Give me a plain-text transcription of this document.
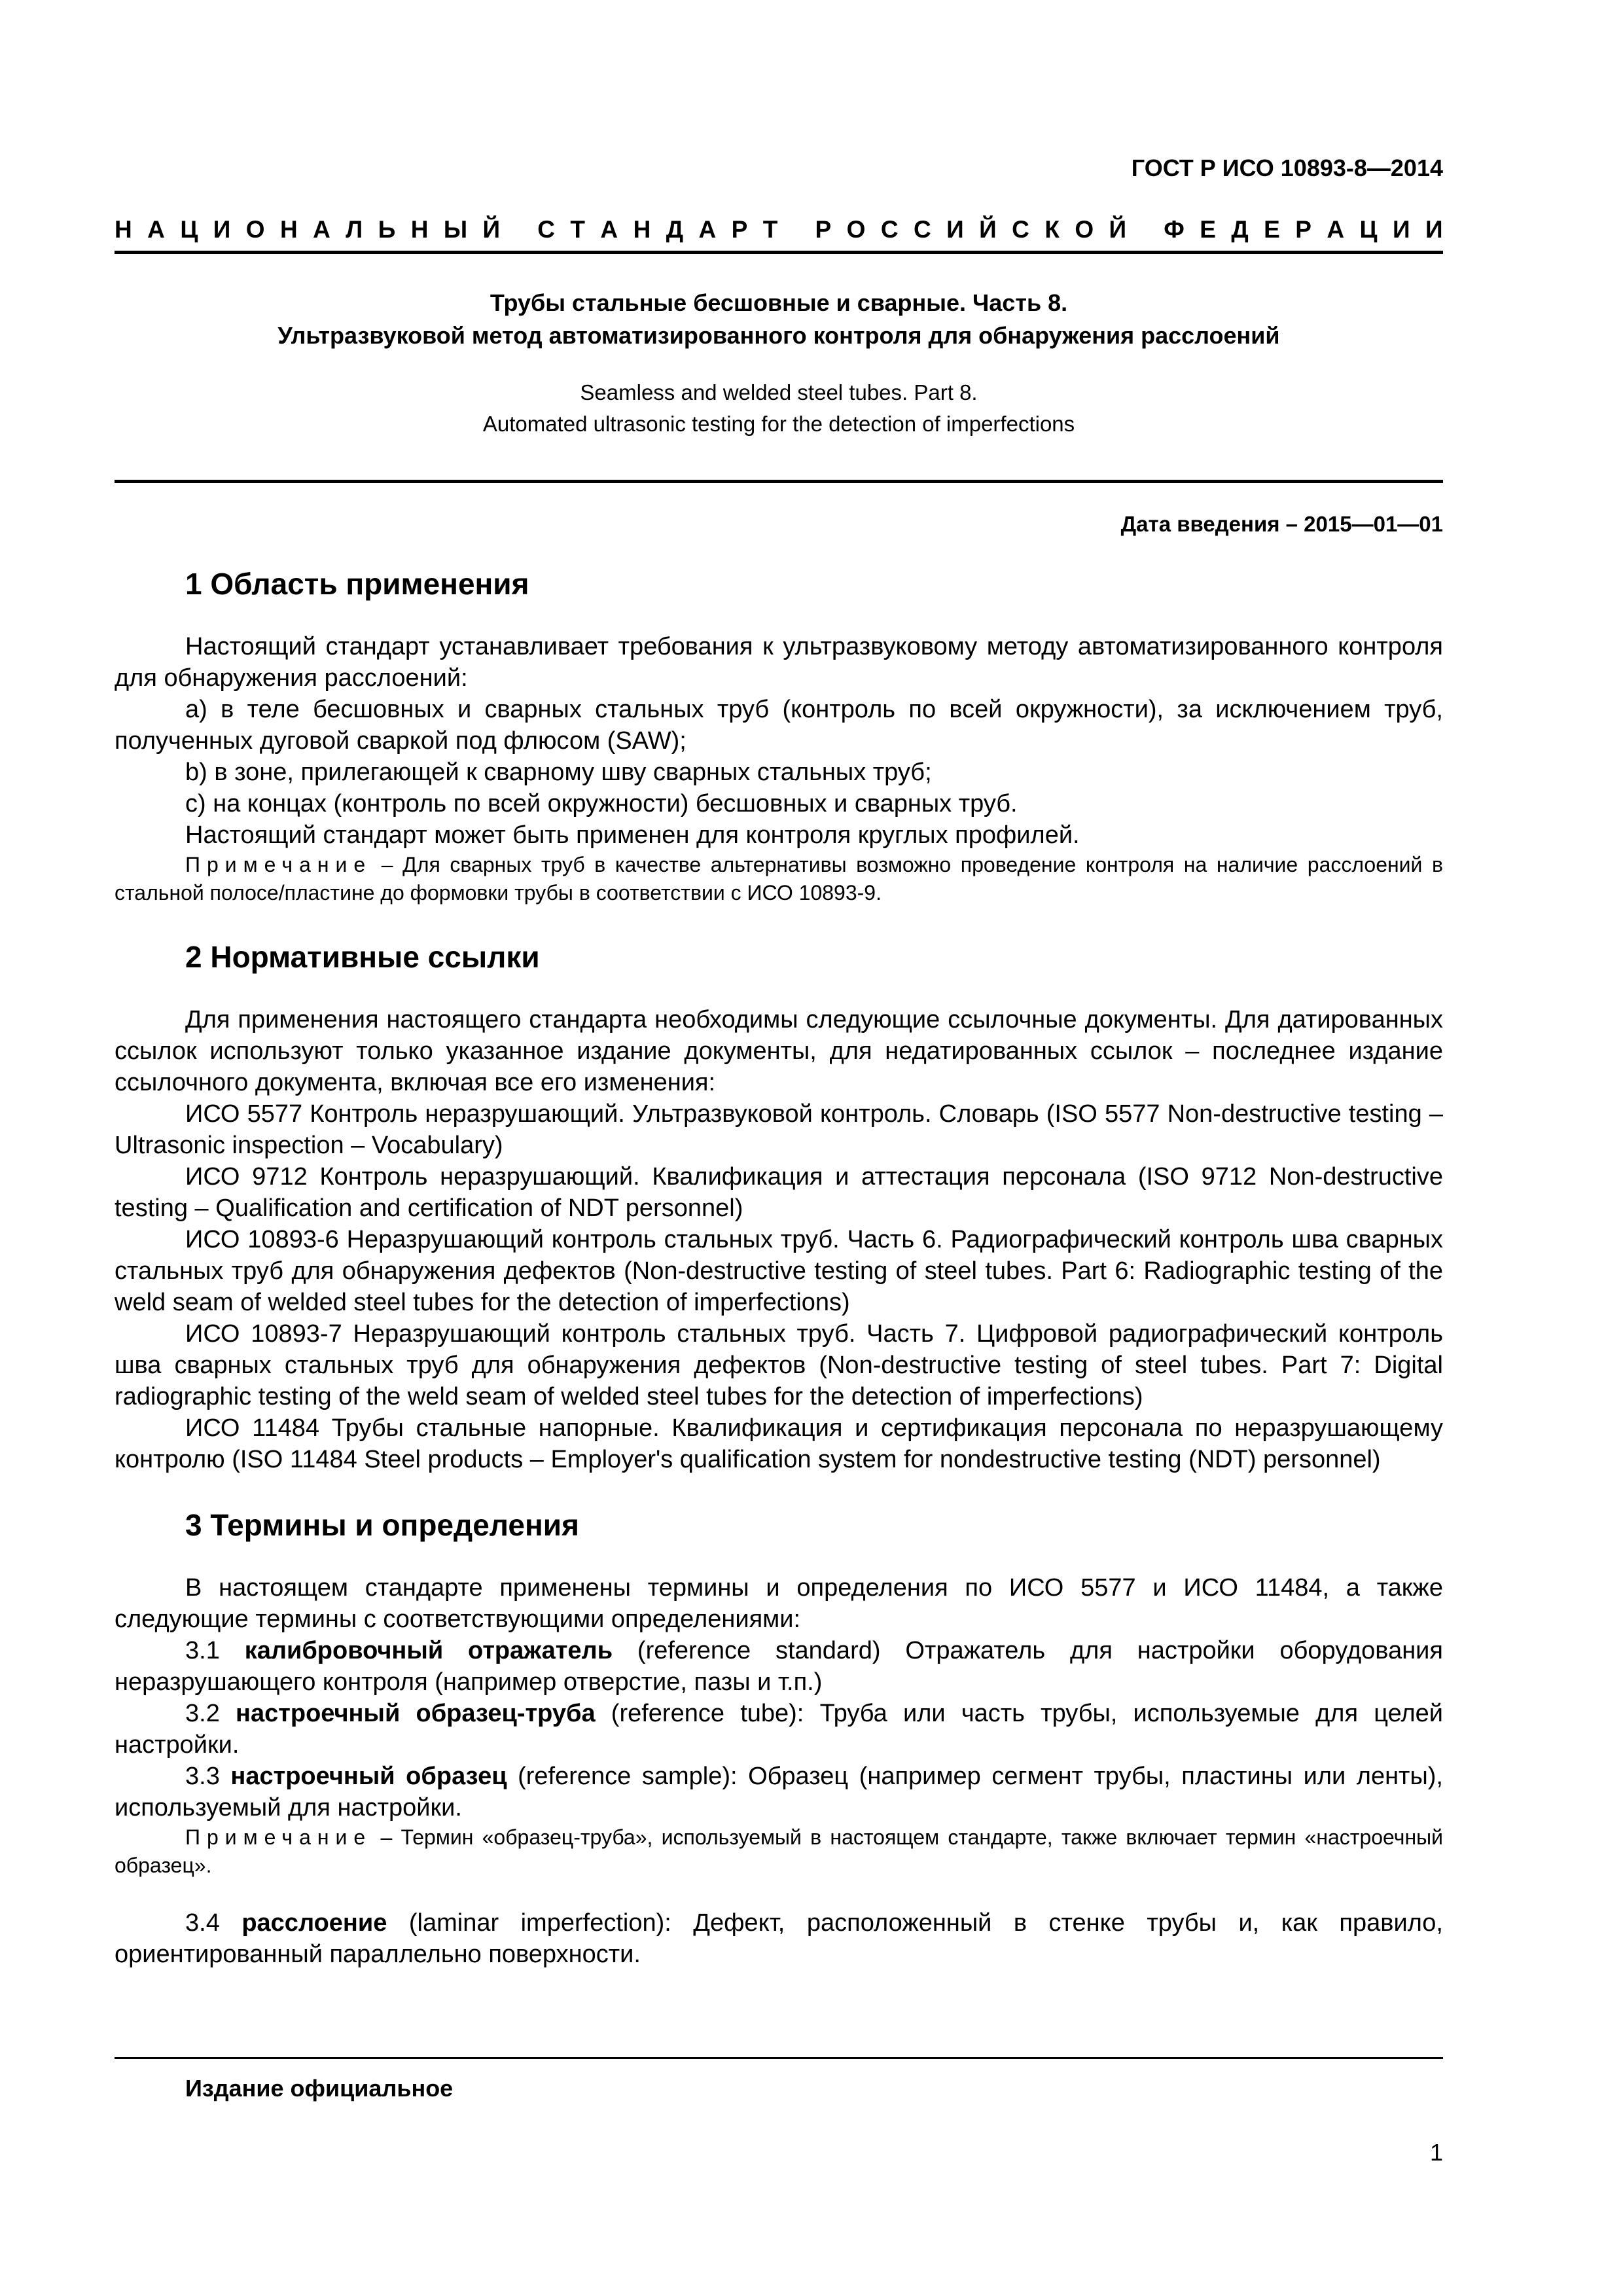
ГОСТ Р ИСО 10893-8—2014
Н А Ц И О Н А Л Ь Н Ы Й
С Т А Н Д А Р Т
Р О С С И Й С К О Й
Ф Е Д Е Р А Ц И И
Трубы стальные бесшовные и сварные. Часть 8.
Ультразвуковой метод автоматизированного контроля для обнаружения расслоений
Seamless and welded steel tubes. Part 8.
Automated ultrasonic testing for the detection of imperfections
Дата введения – 2015—01—01
1 Область применения

Настоящий стандарт устанавливает требования к ультразвуковому методу автоматизированного контроля для обнаружения расслоений:

а) в теле бесшовных и сварных стальных труб (контроль по всей окружности), за исключением труб, полученных дуговой сваркой под флюсом (SAW);

b) в зоне, прилегающей к сварному шву сварных стальных труб;

c) на концах (контроль по всей окружности) бесшовных и сварных труб.

Настоящий стандарт может быть применен для контроля круглых профилей.

Примечание – Для сварных труб в качестве альтернативы возможно проведение контроля на наличие расслоений в стальной полосе/пластине до формовки трубы в соответствии с ИСО 10893-9.

2 Нормативные ссылки

Для применения настоящего стандарта необходимы следующие ссылочные документы. Для датированных ссылок используют только указанное издание документы, для недатированных ссылок – последнее издание ссылочного документа, включая все его изменения:

ИСО 5577 Контроль неразрушающий. Ультразвуковой контроль. Словарь (ISO 5577 Non-destructive testing – Ultrasonic inspection – Vocabulary)

ИСО 9712 Контроль неразрушающий. Квалификация и аттестация персонала (ISO 9712 Non-destructive testing – Qualification and certification of NDT personnel)

ИСО 10893-6 Неразрушающий контроль стальных труб. Часть 6. Радиографический контроль шва сварных стальных труб для обнаружения дефектов (Non-destructive testing of steel tubes. Part 6: Radiographic testing of the weld seam of welded steel tubes for the detection of imperfections)

ИСО 10893-7 Неразрушающий контроль стальных труб. Часть 7. Цифровой радиографический контроль шва сварных стальных труб для обнаружения дефектов (Non-destructive testing of steel tubes. Part 7: Digital radiographic testing of the weld seam of welded steel tubes for the detection of imperfections)

ИСО 11484 Трубы стальные напорные. Квалификация и сертификация персонала по неразрушающему контролю (ISO 11484 Steel products – Employer's qualification system for nondestructive testing (NDT) personnel)

3 Термины и определения

В настоящем стандарте применены термины и определения по ИСО 5577 и ИСО 11484, а также следующие термины с соответствующими определениями:

3.1 калибровочный отражатель (reference standard) Отражатель для настройки оборудования неразрушающего контроля (например отверстие, пазы и т.п.)

3.2 настроечный образец-труба (reference tube): Труба или часть трубы, используемые для целей настройки.

3.3 настроечный образец (reference sample): Образец (например сегмент трубы, пластины или ленты), используемый для настройки.

Примечание – Термин «образец-труба», используемый в настоящем стандарте, также включает термин «настроечный образец».

3.4 расслоение (laminar imperfection): Дефект, расположенный в стенке трубы и, как правило, ориентированный параллельно поверхности.

Издание официальное
1
